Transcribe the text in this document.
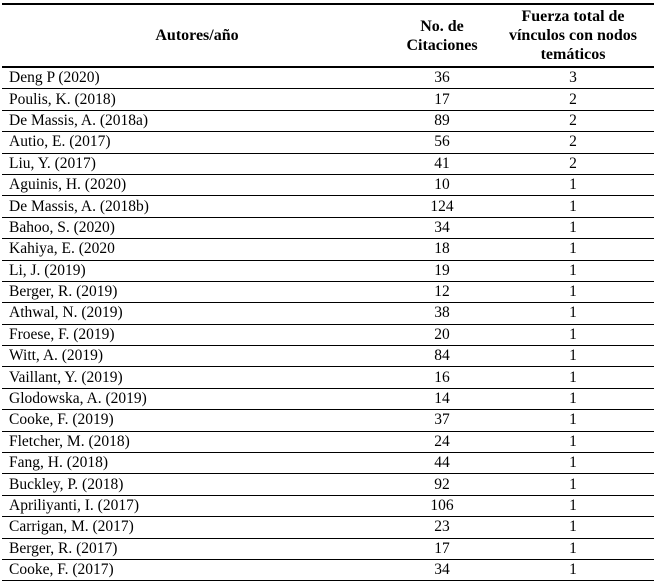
Autores/año	No. de Citaciones	Fuerza total de vínculos con nodos temáticos
Deng P (2020)	36	3
Poulis, K. (2018)	17	2
De Massis, A. (2018a)	89	2
Autio, E. (2017)	56	2
Liu, Y. (2017)	41	2
Aguinis, H. (2020)	10	1
De Massis, A. (2018b)	124	1
Bahoo, S. (2020)	34	1
Kahiya, E. (2020	18	1
Li, J. (2019)	19	1
Berger, R. (2019)	12	1
Athwal, N. (2019)	38	1
Froese, F. (2019)	20	1
Witt, A. (2019)	84	1
Vaillant, Y. (2019)	16	1
Glodowska, A. (2019)	14	1
Cooke, F. (2019)	37	1
Fletcher, M. (2018)	24	1
Fang, H. (2018)	44	1
Buckley, P. (2018)	92	1
Apriliyanti, I. (2017)	106	1
Carrigan, M. (2017)	23	1
Berger, R. (2017)	17	1
Cooke, F. (2017)	34	1
